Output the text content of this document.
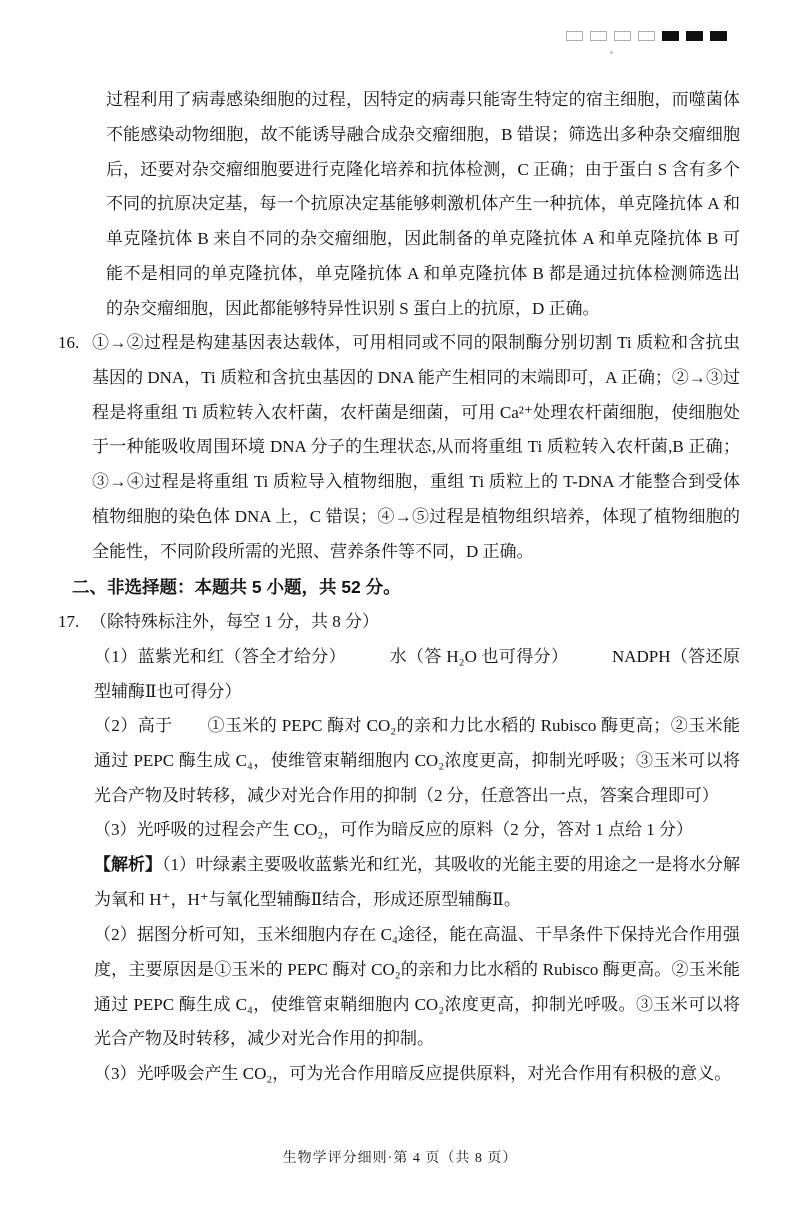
过程利用了病毒感染细胞的过程，因特定的病毒只能寄生特定的宿主细胞，而噬菌体不能感染动物细胞，故不能诱导融合成杂交瘤细胞，B 错误；筛选出多种杂交瘤细胞后，还要对杂交瘤细胞要进行克隆化培养和抗体检测，C 正确；由于蛋白 S 含有多个不同的抗原决定基，每一个抗原决定基能够刺激机体产生一种抗体，单克隆抗体 A 和单克隆抗体 B 来自不同的杂交瘤细胞，因此制备的单克隆抗体 A 和单克隆抗体 B 可能不是相同的单克隆抗体，单克隆抗体 A 和单克隆抗体 B 都是通过抗体检测筛选出的杂交瘤细胞，因此都能够特异性识别 S 蛋白上的抗原，D 正确。
16. ①→②过程是构建基因表达载体，可用相同或不同的限制酶分别切割 Ti 质粒和含抗虫基因的 DNA，Ti 质粒和含抗虫基因的 DNA 能产生相同的末端即可，A 正确；②→③过程是将重组 Ti 质粒转入农杆菌，农杆菌是细菌，可用 Ca²⁺处理农杆菌细胞，使细胞处于一种能吸收周围环境 DNA 分子的生理状态,从而将重组 Ti 质粒转入农杆菌,B 正确；③→④过程是将重组 Ti 质粒导入植物细胞，重组 Ti 质粒上的 T-DNA 才能整合到受体植物细胞的染色体 DNA 上，C 错误；④→⑤过程是植物组织培养，体现了植物细胞的全能性，不同阶段所需的光照、营养条件等不同，D 正确。
二、非选择题：本题共 5 小题，共 52 分。
17. （除特殊标注外，每空 1 分，共 8 分）
（1）蓝紫光和红（答全才给分）　　　水（答 H₂O 也可得分）　　　NADPH（答还原型辅酶Ⅱ也可得分）
（2）高于　　①玉米的 PEPC 酶对 CO₂的亲和力比水稻的 Rubisco 酶更高；②玉米能通过 PEPC 酶生成 C₄，使维管束鞘细胞内 CO₂浓度更高，抑制光呼吸；③玉米可以将光合产物及时转移，减少对光合作用的抑制（2 分，任意答出一点，答案合理即可）
（3）光呼吸的过程会产生 CO₂，可作为暗反应的原料（2 分，答对 1 点给 1 分）
【解析】（1）叶绿素主要吸收蓝紫光和红光，其吸收的光能主要的用途之一是将水分解为氧和 H⁺，H⁺与氧化型辅酶Ⅱ结合，形成还原型辅酶Ⅱ。
（2）据图分析可知，玉米细胞内存在 C₄途径，能在高温、干旱条件下保持光合作用强度，主要原因是①玉米的 PEPC 酶对 CO₂的亲和力比水稻的 Rubisco 酶更高。②玉米能通过 PEPC 酶生成 C₄，使维管束鞘细胞内 CO₂浓度更高，抑制光呼吸。③玉米可以将光合产物及时转移，减少对光合作用的抑制。
（3）光呼吸会产生 CO₂，可为光合作用暗反应提供原料，对光合作用有积极的意义。
生物学评分细则·第 4 页（共 8 页）
